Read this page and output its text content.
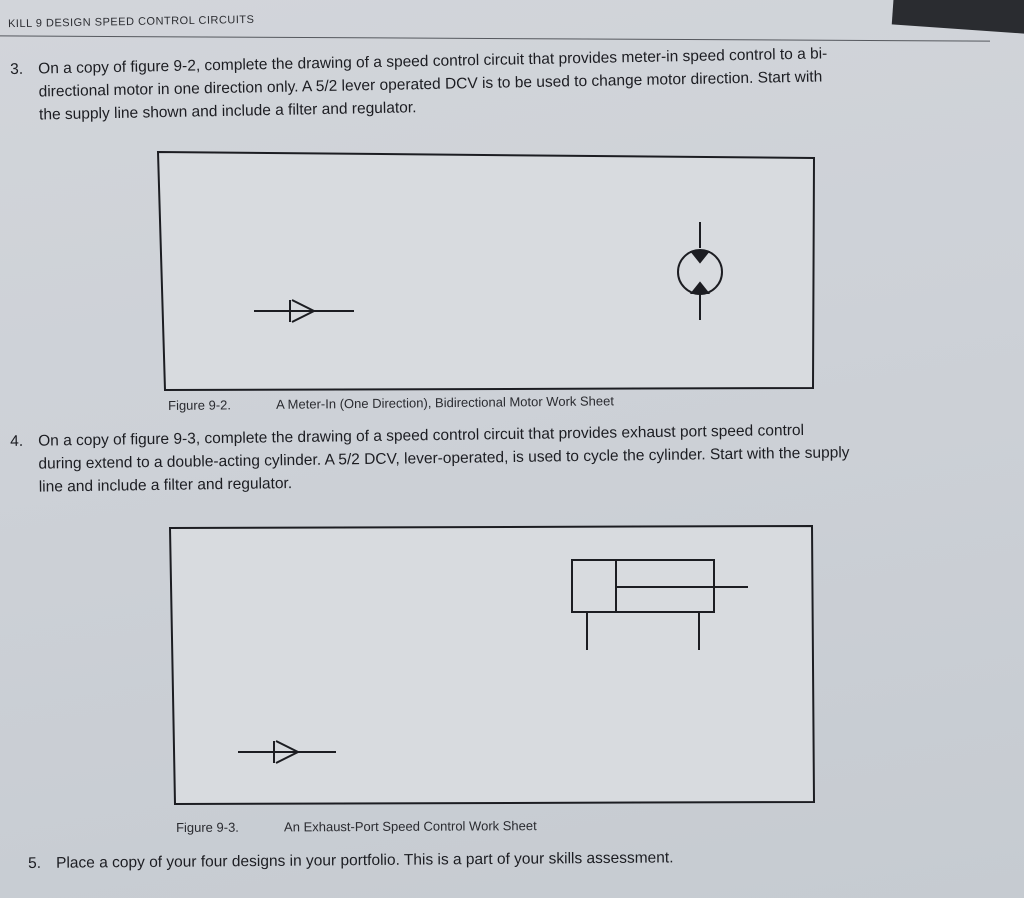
KILL 9 DESIGN SPEED CONTROL CIRCUITS
3. On a copy of figure 9-2, complete the drawing of a speed control circuit that provides meter-in speed control to a bi-
directional motor in one direction only. A 5/2 lever operated DCV is to be used to change motor direction. Start with
the supply line shown and include a filter and regulator.
Figure 9-2.	A Meter-In (One Direction), Bidirectional Motor Work Sheet
4. On a copy of figure 9-3, complete the drawing of a speed control circuit that provides exhaust port speed control
during extend to a double-acting cylinder. A 5/2 DCV, lever-operated, is used to cycle the cylinder. Start with the supply
line and include a filter and regulator.
Figure 9-3.	An Exhaust-Port Speed Control Work Sheet
5. Place a copy of your four designs in your portfolio. This is a part of your skills assessment.
